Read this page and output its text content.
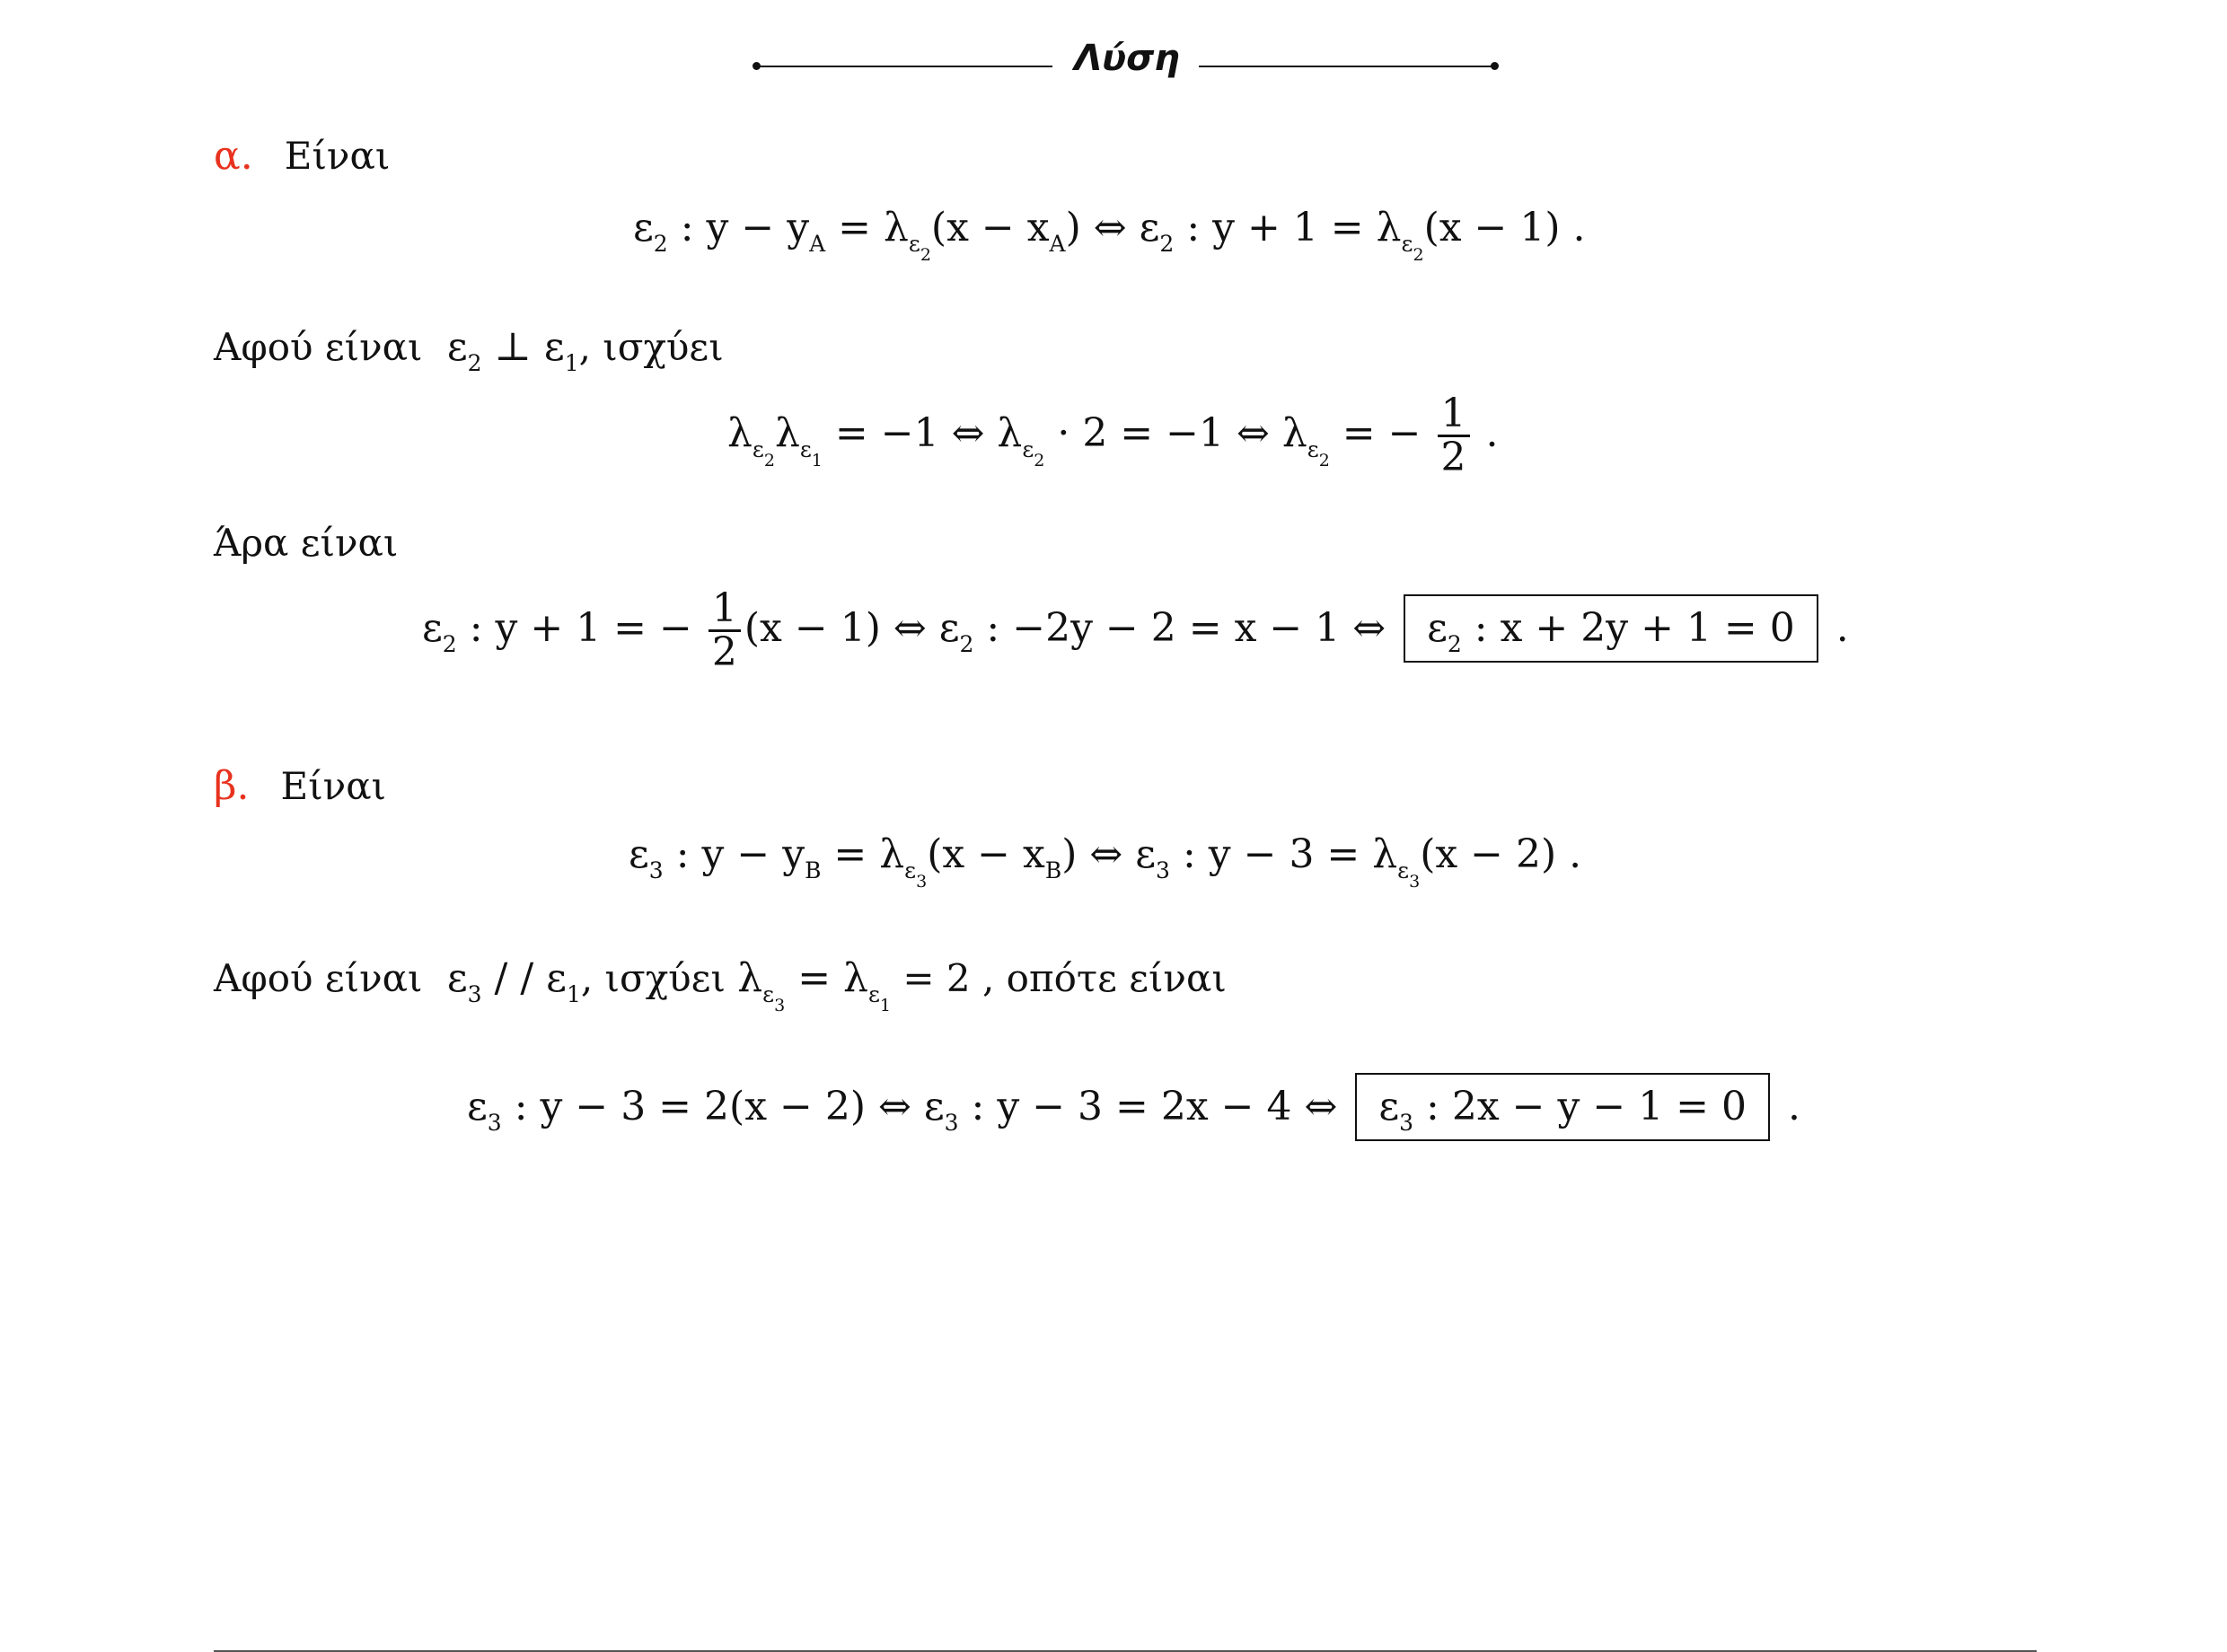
Λύση
α. Είναι
$\varepsilon_2$ : $y - y_A = \lambda_{\varepsilon_2}(x - x_A)$ ⇔ $\varepsilon_2$ : $y + 1 = \lambda_{\varepsilon_2}(x - 1)$ .
Αφού είναι  $\varepsilon_2$ ⊥ $\varepsilon_1$, ισχύει
$\lambda_{\varepsilon_2}\lambda_{\varepsilon_1} = -1$ ⇔ $\lambda_{\varepsilon_2} \cdot 2 = -1$ ⇔ $\lambda_{\varepsilon_2}$ = − $\frac{1}{2}$ .
Άρα είναι
$\varepsilon_2$ : y + 1 = − $\frac{1}{2} (x - 1)$ ⇔ $\varepsilon_2$ : −2y − 2 = x − 1 ⇔ $\varepsilon_2$ : x + 2y + 1 = 0 .
β. Είναι
$\varepsilon_3$ : $y - y_B = \lambda_{\varepsilon_3}(x - x_B)$ ⇔ $\varepsilon_3$ : $y - 3 = \lambda_{\varepsilon_3}(x - 2)$ .
Αφού είναι  $\varepsilon_3$ / / $\varepsilon_1$, ισχύει $\lambda_{\varepsilon_3} = \lambda_{\varepsilon_1} = 2$ , οπότε είναι
$\varepsilon_3$ : y − 3 = 2(x − 2) ⇔ $\varepsilon_3$ : y − 3 = 2x − 4 ⇔ $\varepsilon_3$ : 2x − y − 1 = 0 .
